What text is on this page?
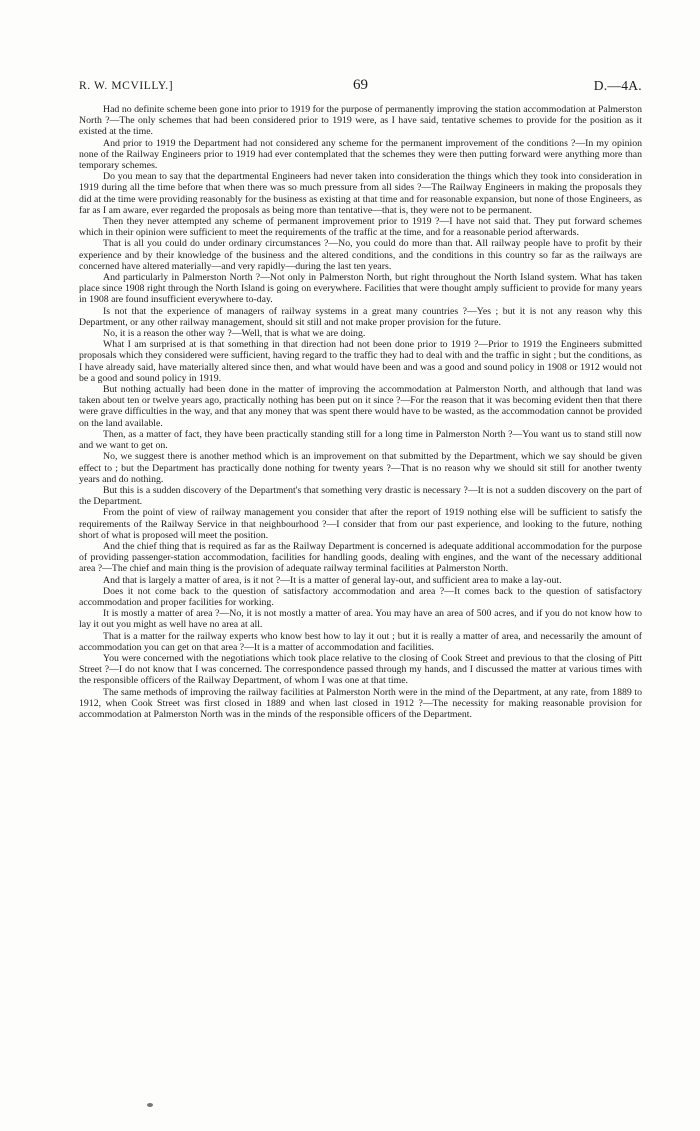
R. W. MCVILLY.]	69	D.—4A.

Had no definite scheme been gone into prior to 1919 for the purpose of permanently improving the station accommodation at Palmerston North ?—The only schemes that had been considered prior to 1919 were, as I have said, tentative schemes to provide for the position as it existed at the time.

And prior to 1919 the Department had not considered any scheme for the permanent improvement of the conditions ?—In my opinion none of the Railway Engineers prior to 1919 had ever contemplated that the schemes they were then putting forward were anything more than temporary schemes.

Do you mean to say that the departmental Engineers had never taken into consideration the things which they took into consideration in 1919 during all the time before that when there was so much pressure from all sides ?—The Railway Engineers in making the proposals they did at the time were providing reasonably for the business as existing at that time and for reasonable expansion, but none of those Engineers, as far as I am aware, ever regarded the proposals as being more than tentative—that is, they were not to be permanent.

Then they never attempted any scheme of permanent improvement prior to 1919 ?—I have not said that. They put forward schemes which in their opinion were sufficient to meet the requirements of the traffic at the time, and for a reasonable period afterwards.

That is all you could do under ordinary circumstances ?—No, you could do more than that. All railway people have to profit by their experience and by their knowledge of the business and the altered conditions, and the conditions in this country so far as the railways are concerned have altered materially—and very rapidly—during the last ten years.

And particularly in Palmerston North ?—Not only in Palmerston North, but right throughout the North Island system. What has taken place since 1908 right through the North Island is going on everywhere. Facilities that were thought amply sufficient to provide for many years in 1908 are found insufficient everywhere to-day.

Is not that the experience of managers of railway systems in a great many countries ?—Yes ; but it is not any reason why this Department, or any other railway management, should sit still and not make proper provision for the future.

No, it is a reason the other way ?—Well, that is what we are doing.

What I am surprised at is that something in that direction had not been done prior to 1919 ?—Prior to 1919 the Engineers submitted proposals which they considered were sufficient, having regard to the traffic they had to deal with and the traffic in sight ; but the conditions, as I have already said, have materially altered since then, and what would have been and was a good and sound policy in 1908 or 1912 would not be a good and sound policy in 1919.

But nothing actually had been done in the matter of improving the accommodation at Palmerston North, and although that land was taken about ten or twelve years ago, practically nothing has been put on it since ?—For the reason that it was becoming evident then that there were grave difficulties in the way, and that any money that was spent there would have to be wasted, as the accommodation cannot be provided on the land available.

Then, as a matter of fact, they have been practically standing still for a long time in Palmerston North ?—You want us to stand still now and we want to get on.

No, we suggest there is another method which is an improvement on that submitted by the Department, which we say should be given effect to ; but the Department has practically done nothing for twenty years ?—That is no reason why we should sit still for another twenty years and do nothing.

But this is a sudden discovery of the Department's that something very drastic is necessary ?—It is not a sudden discovery on the part of the Department.

From the point of view of railway management you consider that after the report of 1919 nothing else will be sufficient to satisfy the requirements of the Railway Service in that neighbourhood ?—I consider that from our past experience, and looking to the future, nothing short of what is proposed will meet the position.

And the chief thing that is required as far as the Railway Department is concerned is adequate additional accommodation for the purpose of providing passenger-station accommodation, facilities for handling goods, dealing with engines, and the want of the necessary additional area ?—The chief and main thing is the provision of adequate railway terminal facilities at Palmerston North.

And that is largely a matter of area, is it not ?—It is a matter of general lay-out, and sufficient area to make a lay-out.

Does it not come back to the question of satisfactory accommodation and area ?—It comes back to the question of satisfactory accommodation and proper facilities for working.

It is mostly a matter of area ?—No, it is not mostly a matter of area. You may have an area of 500 acres, and if you do not know how to lay it out you might as well have no area at all.

That is a matter for the railway experts who know best how to lay it out ; but it is really a matter of area, and necessarily the amount of accommodation you can get on that area ?—It is a matter of accommodation and facilities.

You were concerned with the negotiations which took place relative to the closing of Cook Street and previous to that the closing of Pitt Street ?—I do not know that I was concerned. The correspondence passed through my hands, and I discussed the matter at various times with the responsible officers of the Railway Department, of whom I was one at that time.

The same methods of improving the railway facilities at Palmerston North were in the mind of the Department, at any rate, from 1889 to 1912, when Cook Street was first closed in 1889 and when last closed in 1912 ?—The necessity for making reasonable provision for accommodation at Palmerston North was in the minds of the responsible officers of the Department.
